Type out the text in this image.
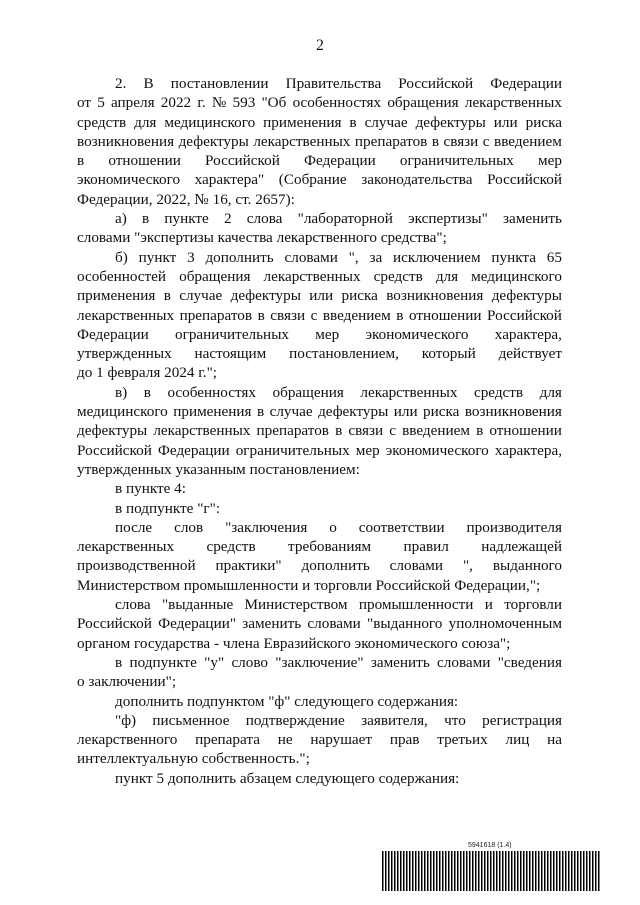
2
2. В постановлении Правительства Российской Федерации
от 5 апреля 2022 г. № 593 "Об особенностях обращения лекарственных
средств для медицинского применения в случае дефектуры или риска
возникновения дефектуры лекарственных препаратов в связи с введением
в отношении Российской Федерации ограничительных мер
экономического характера" (Собрание законодательства Российской
Федерации, 2022, № 16, ст. 2657):
а) в пункте 2 слова "лабораторной экспертизы" заменить
словами "экспертизы качества лекарственного средства";
б) пункт 3 дополнить словами ", за исключением пункта 65
особенностей обращения лекарственных средств для медицинского
применения в случае дефектуры или риска возникновения дефектуры
лекарственных препаратов в связи с введением в отношении Российской
Федерации ограничительных мер экономического характера,
утвержденных настоящим постановлением, который действует
до 1 февраля 2024 г.";
в) в особенностях обращения лекарственных средств для
медицинского применения в случае дефектуры или риска возникновения
дефектуры лекарственных препаратов в связи с введением в отношении
Российской Федерации ограничительных мер экономического характера,
утвержденных указанным постановлением:
в пункте 4:
в подпункте "г":
после слов "заключения о соответствии производителя
лекарственных средств требованиям правил надлежащей
производственной практики" дополнить словами ", выданного
Министерством промышленности и торговли Российской Федерации,";
слова "выданные Министерством промышленности и торговли
Российской Федерации" заменить словами "выданного уполномоченным
органом государства - члена Евразийского экономического союза";
в подпункте "у" слово "заключение" заменить словами "сведения
о заключении";
дополнить подпунктом "ф" следующего содержания:
"ф) письменное подтверждение заявителя, что регистрация
лекарственного препарата не нарушает прав третьих лиц на
интеллектуальную собственность.";
пункт 5 дополнить абзацем следующего содержания:
5941618 (1.4)
